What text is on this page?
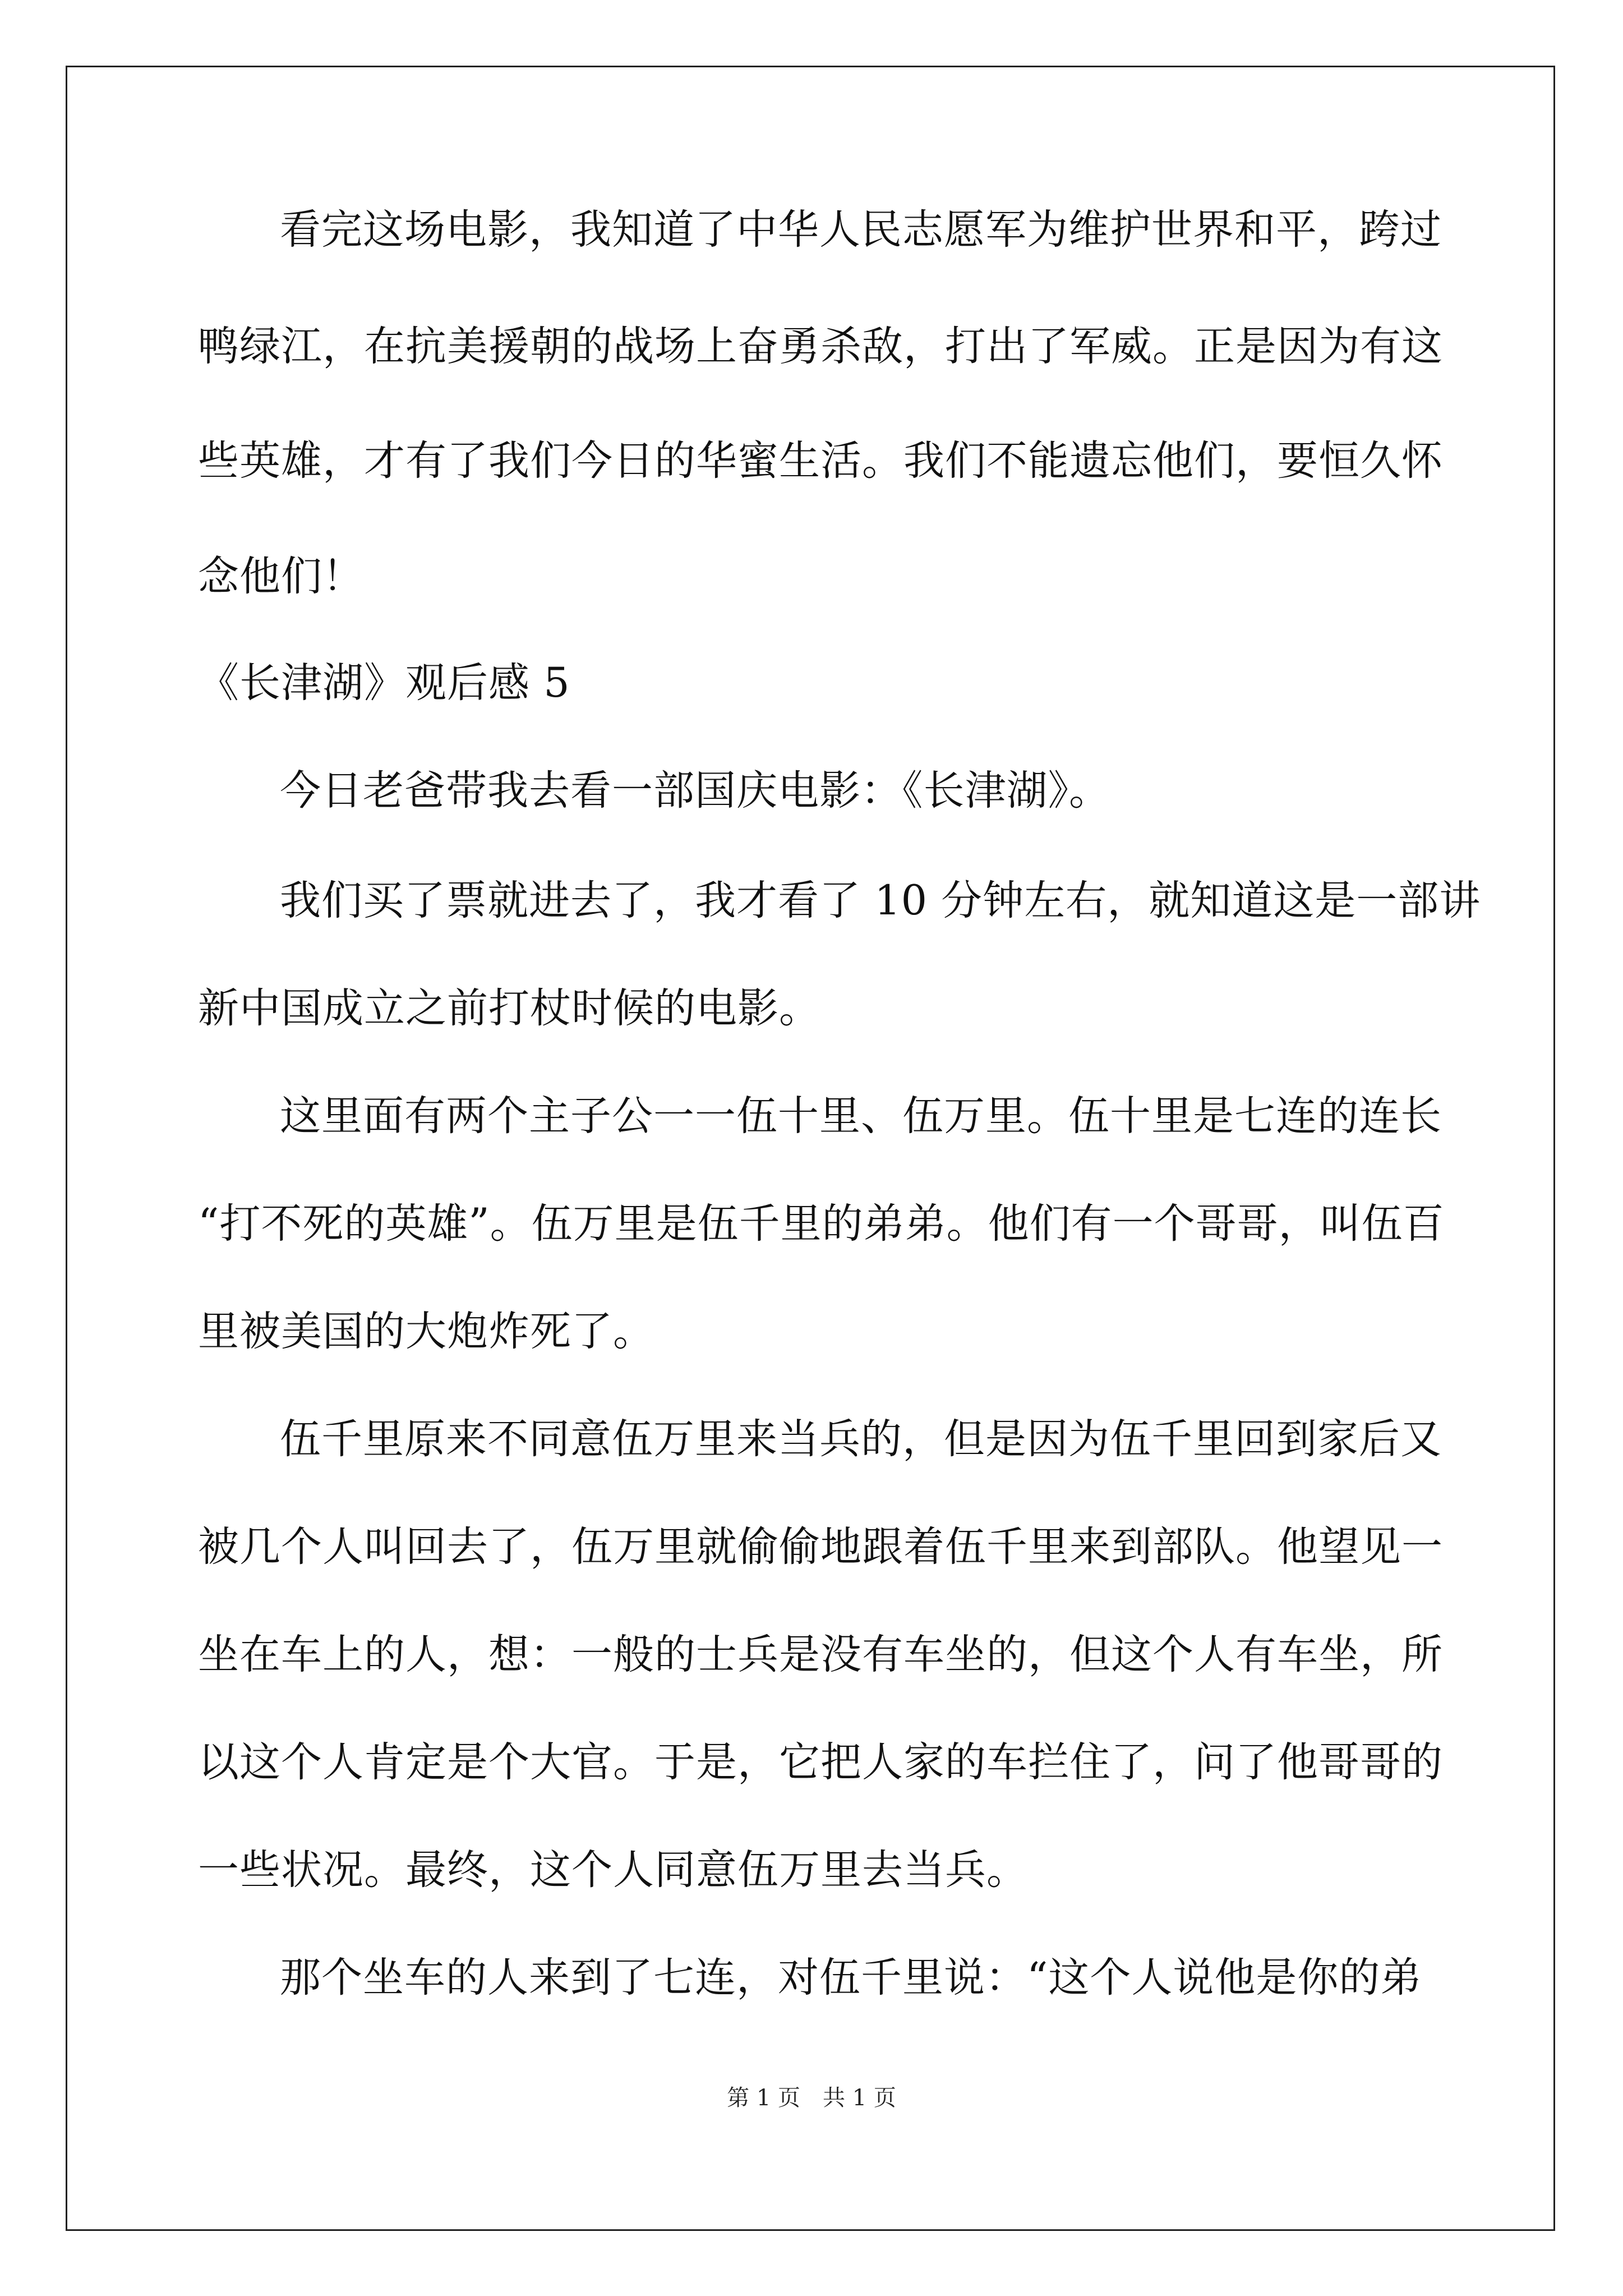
看完这场电影，我知道了中华人民志愿军为维护世界和平，跨过
鸭绿江，在抗美援朝的战场上奋勇杀敌，打出了军威。正是因为有这
些英雄，才有了我们今日的华蜜生活。我们不能遗忘他们，要恒久怀
念他们！
《长津湖》观后感 5
今日老爸带我去看一部国庆电影：《长津湖》。
我们买了票就进去了，我才看了 10 分钟左右，就知道这是一部讲
新中国成立之前打杖时候的电影。
这里面有两个主子公一一伍十里、伍万里。伍十里是七连的连长
“打不死的英雄”。伍万里是伍千里的弟弟。他们有一个哥哥，叫伍百
里被美国的大炮炸死了。
伍千里原来不同意伍万里来当兵的，但是因为伍千里回到家后又
被几个人叫回去了，伍万里就偷偷地跟着伍千里来到部队。他望见一
坐在车上的人，想：一般的士兵是没有车坐的，但这个人有车坐，所
以这个人肯定是个大官。于是，它把人家的车拦住了，问了他哥哥的
一些状况。最终，这个人同意伍万里去当兵。
那个坐车的人来到了七连，对伍千里说：“这个人说他是你的弟
第 1 页　共 1 页
